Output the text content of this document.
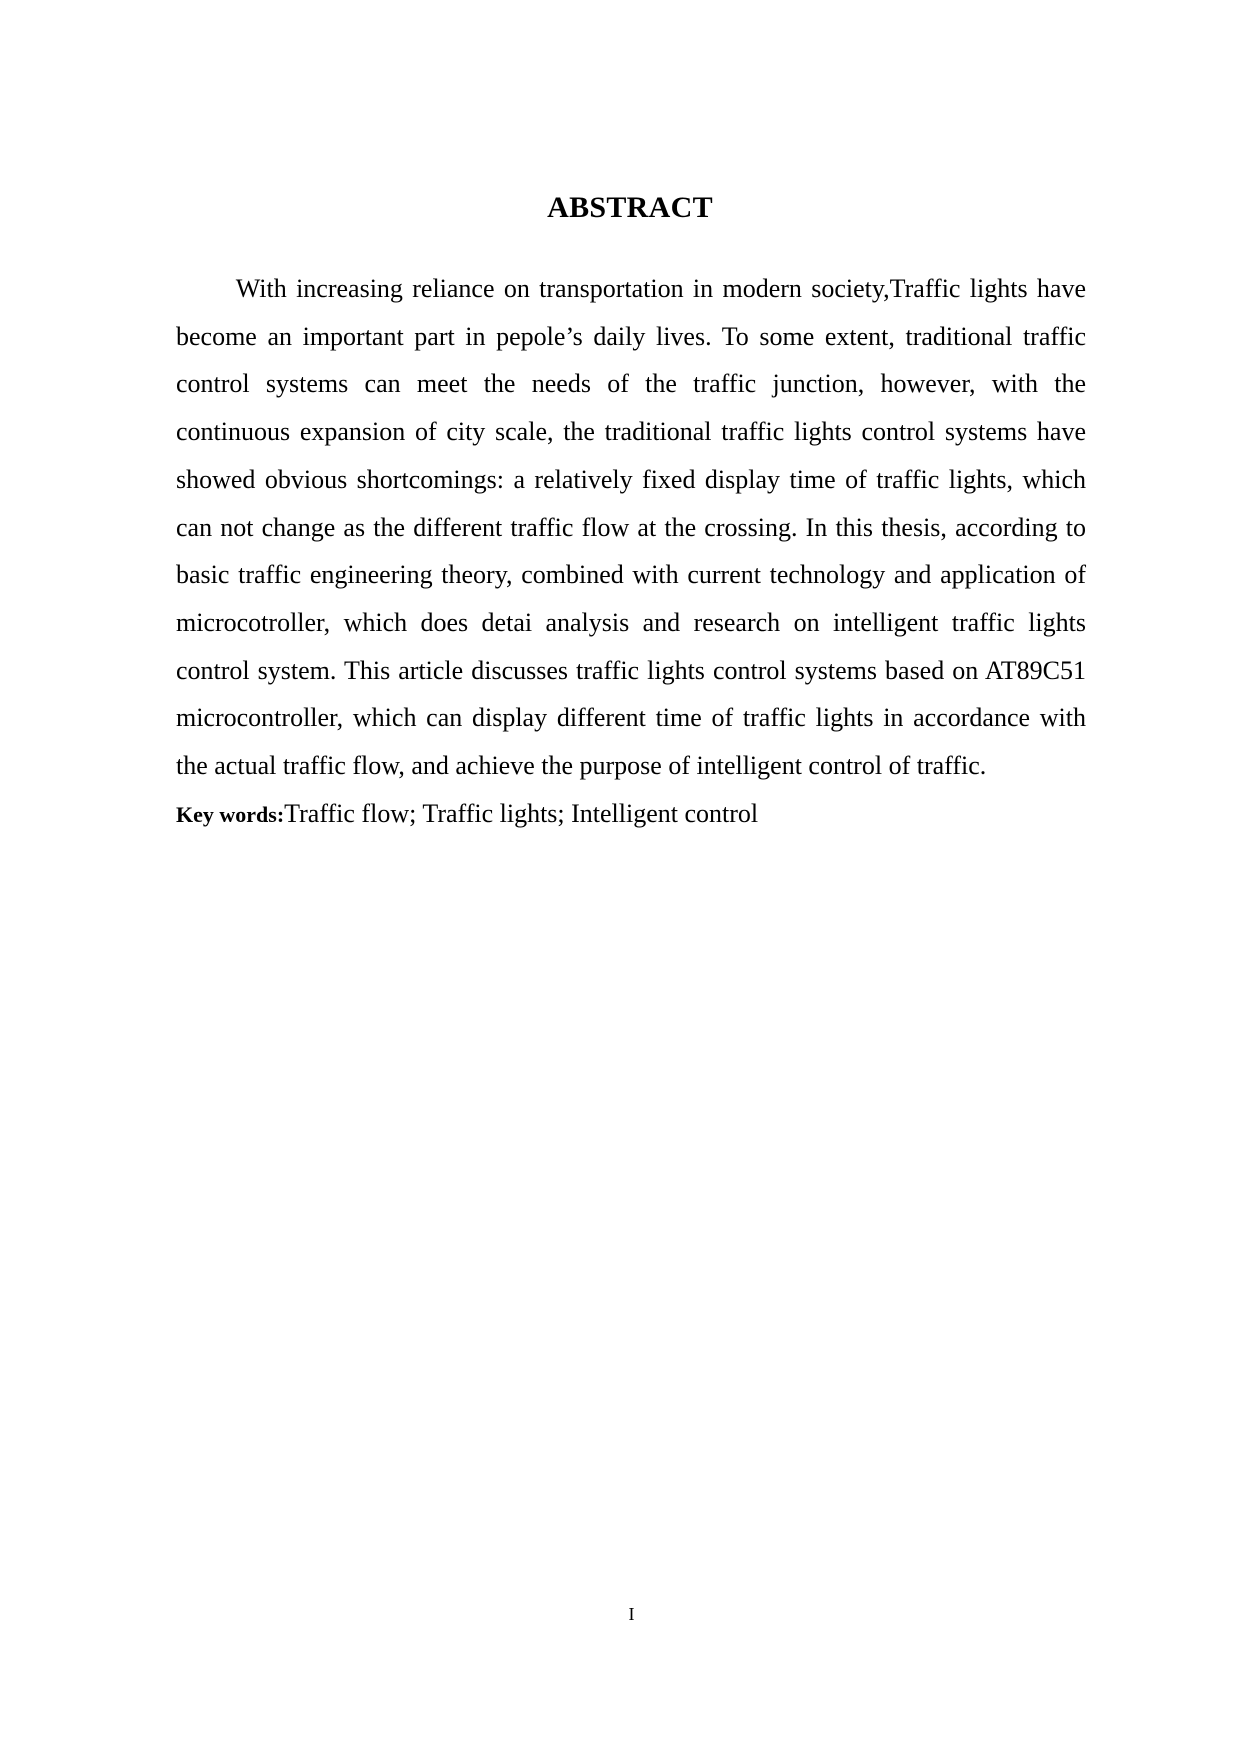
ABSTRACT

With increasing reliance on transportation in modern society,Traffic lights have become an important part in pepole’s daily lives. To some extent, traditional traffic control systems can meet the needs of the traffic junction, however, with the continuous expansion of city scale, the traditional traffic lights control systems have showed obvious shortcomings: a relatively fixed display time of traffic lights, which can not change as the different traffic flow at the crossing. In this thesis, according to basic traffic engineering theory, combined with current technology and application of microcotroller, which does detai analysis and research on intelligent traffic lights control system. This article discusses traffic lights control systems based on AT89C51 microcontroller, which can display different time of traffic lights in accordance with the actual traffic flow, and achieve the purpose of intelligent control of traffic.

Key words:Traffic flow; Traffic lights; Intelligent control

I
